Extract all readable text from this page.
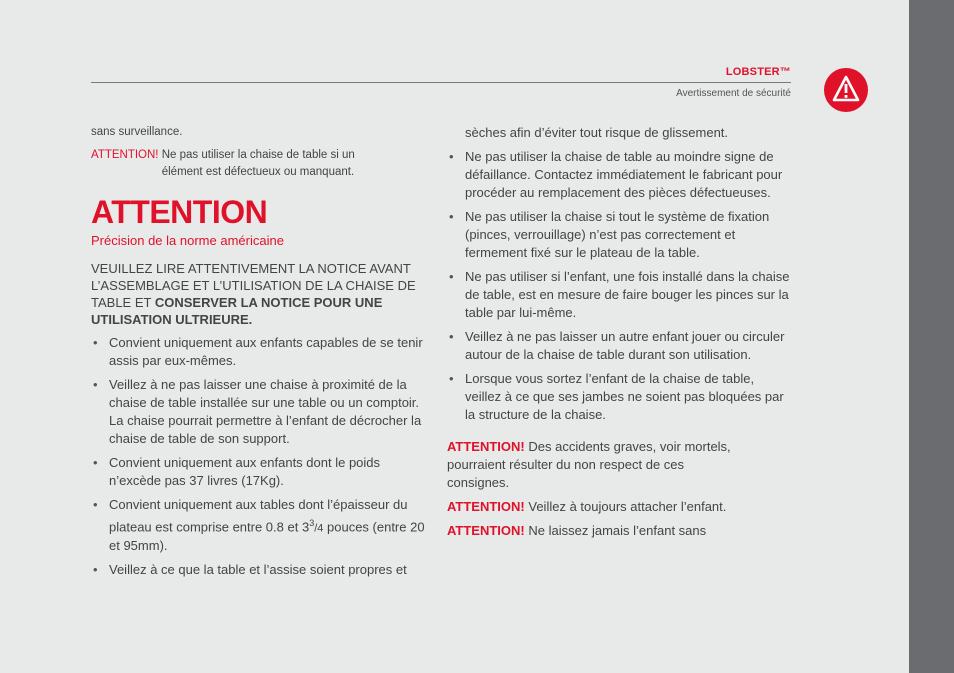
LOBSTER™
Avertissement de sécurité

sans surveillance.

ATTENTION! Ne pas utiliser la chaise de table si un élément est défectueux ou manquant.

ATTENTION
Précision de la norme américaine

VEUILLEZ LIRE ATTENTIVEMENT LA NOTICE AVANT L’ASSEMBLAGE ET L’UTILISATION DE LA CHAISE DE TABLE ET CONSERVER LA NOTICE POUR UNE UTILISATION ULTRIEURE.

• Convient uniquement aux enfants capables de se tenir assis par eux-mêmes.
• Veillez à ne pas laisser une chaise à proximité de la chaise de table installée sur une table ou un comptoir. La chaise pourrait permettre à l’enfant de décrocher la chaise de table de son support.
• Convient uniquement aux enfants dont le poids n’excède pas 37 livres (17Kg).
• Convient uniquement aux tables dont l’épaisseur du plateau est comprise entre 0.8 et $3^3/4$ pouces (entre 20 et 95mm).
• Veillez à ce que la table et l’assise soient propres et

sèches afin d’éviter tout risque de glissement.

• Ne pas utiliser la chaise de table au moindre signe de défaillance. Contactez immédiatement le fabricant pour procéder au remplacement des pièces défectueuses.
• Ne pas utiliser la chaise si tout le système de fixation (pinces, verrouillage) n’est pas correctement et fermement fixé sur le plateau de la table.
• Ne pas utiliser si l’enfant, une fois installé dans la chaise de table, est en mesure de faire bouger les pinces sur la table par lui-même.
• Veillez à ne pas laisser un autre enfant jouer ou circuler autour de la chaise de table durant son utilisation.
• Lorsque vous sortez l’enfant de la chaise de table, veillez à ce que ses jambes ne soient pas bloquées par la structure de la chaise.

ATTENTION! Des accidents graves, voir mortels, pourraient résulter du non respect de ces consignes.

ATTENTION! Veillez à toujours attacher l’enfant.

ATTENTION! Ne laissez jamais l’enfant sans
